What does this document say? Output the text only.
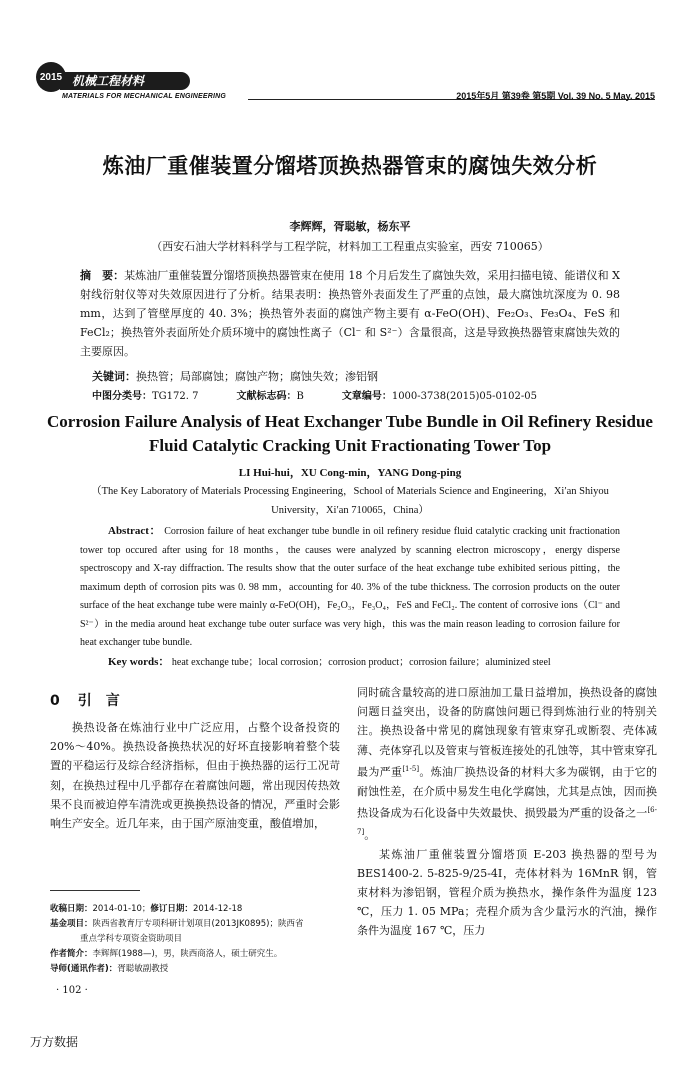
机械工程材料
2015
MATERIALS FOR MECHANICAL ENGINEERING	2015年5月 第39卷 第5期 Vol. 39 No. 5 May. 2015
炼油厂重催装置分馏塔顶换热器管束的腐蚀失效分析
李辉辉，胥聪敏，杨东平
（西安石油大学材料科学与工程学院，材料加工工程重点实验室，西安 710065）
摘　要：某炼油厂重催装置分馏塔顶换热器管束在使用 18 个月后发生了腐蚀失效，采用扫描电镜、能谱仪和 X 射线衍射仪等对失效原因进行了分析。结果表明：换热管外表面发生了严重的点蚀，最大腐蚀坑深度为 0. 98 mm，达到了管壁厚度的 40. 3%；换热管外表面的腐蚀产物主要有 α-FeO(OH)、Fe₂O₃、Fe₃O₄、FeS 和 FeCl₂；换热管外表面所处介质环境中的腐蚀性离子（Cl⁻ 和 S²⁻）含量很高，这是导致换热器管束腐蚀失效的主要原因。
关键词：换热管；局部腐蚀；腐蚀产物；腐蚀失效；渗铝钢
中图分类号：TG172. 7	文献标志码：B	文章编号：1000-3738(2015)05-0102-05
Corrosion Failure Analysis of Heat Exchanger Tube Bundle in Oil Refinery Residue Fluid Catalytic Cracking Unit Fractionating Tower Top
LI Hui-hui，XU Cong-min，YANG Dong-ping
（The Key Laboratory of Materials Processing Engineering，School of Materials Science and Engineering，Xi′an Shiyou University，Xi′an 710065，China）
Abstract： Corrosion failure of heat exchanger tube bundle in oil refinery residue fluid catalytic cracking unit fractionation tower top occured after using for 18 months，the causes were analyzed by scanning electron microscopy，energy disperse spectroscopy and X-ray diffraction. The results show that the outer surface of the heat exchange tube exhibited serious pitting，the maximum depth of corrosion pits was 0. 98 mm，accounting for 40. 3% of the tube thickness. The corrosion products on the outer surface of the heat exchange tube were mainly α-FeO(OH)，Fe₂O₃，Fe₃O₄，FeS and FeCl₂. The content of corrosive ions（Cl⁻ and S²⁻）in the media around heat exchange tube outer surface was very high，this was the main reason leading to corrosion failure for heat exchanger tube bundle.
Key words： heat exchange tube；local corrosion；corrosion product；corrosion failure；aluminized steel
0 引　言
换热设备在炼油行业中广泛应用，占整个设备投资的 20%～40%。换热设备换热状况的好坏直接影响着整个装置的平稳运行及综合经济指标，但由于换热器的运行工况苛刻，在换热过程中几乎都存在着腐蚀问题，常出现因传热效果不良而被迫停车清洗或更换换热设备的情况，严重时会影响生产安全。近几年来，由于国产原油变重，酸值增加，

同时硫含量较高的进口原油加工量日益增加，换热设备的腐蚀问题日益突出，设备的防腐蚀问题已得到炼油行业的特别关注。换热设备中常见的腐蚀现象有管束穿孔或断裂、壳体减薄、壳体穿孔以及管束与管板连接处的孔蚀等，其中管束穿孔最为严重[1-5]。炼油厂换热设备的材料大多为碳钢，由于它的耐蚀性差，在介质中易发生电化学腐蚀，尤其是点蚀，因而换热设备成为石化设备中失效最快、损毁最为严重的设备之一[6-7]。

某炼油厂重催装置分馏塔顶 E-203 换热器的型号为 BES1400-2. 5-825-9/25-4I，壳体材料为 16MnR 钢，管束材料为渗铝钢，管程介质为换热水，操作条件为温度 123 ℃，压力 1. 05 MPa；壳程介质为含少量污水的汽油，操作条件为温度 167 ℃，压力

收稿日期：2014-01-10；修订日期：2014-12-18
基金项目：陕西省教育厅专项科研计划项目(2013JK0895)；陕西省

重点学科专项资金资助项目
作者简介：李辉辉(1988—)，男，陕西商洛人，硕士研究生。
导师(通讯作者)：胥聪敏副教授
· 102 ·
万方数据
